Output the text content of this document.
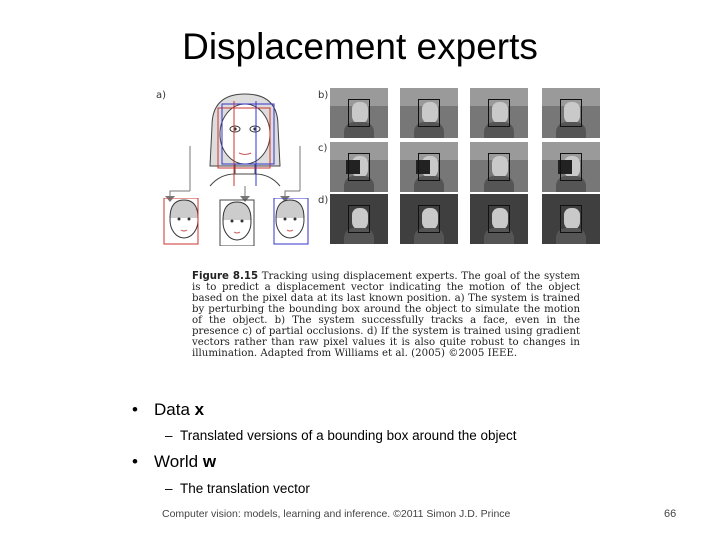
Displacement experts
a)	b)
c)
d)
Figure 8.15 Tracking using displacement experts. The goal of the system is to predict a displacement vector indicating the motion of the object based on the pixel data at its last known position. a) The system is trained by perturbing the bounding box around the object to simulate the motion of the object. b) The system successfully tracks a face, even in the presence c) of partial occlusions. d) If the system is trained using gradient vectors rather than raw pixel values it is also quite robust to changes in illumination. Adapted from Williams et al. (2005) ©2005 IEEE.
• Data x
– Translated versions of a bounding box around the object
• World w
– The translation vector
Computer vision: models, learning and inference. ©2011 Simon J.D. Prince	66
